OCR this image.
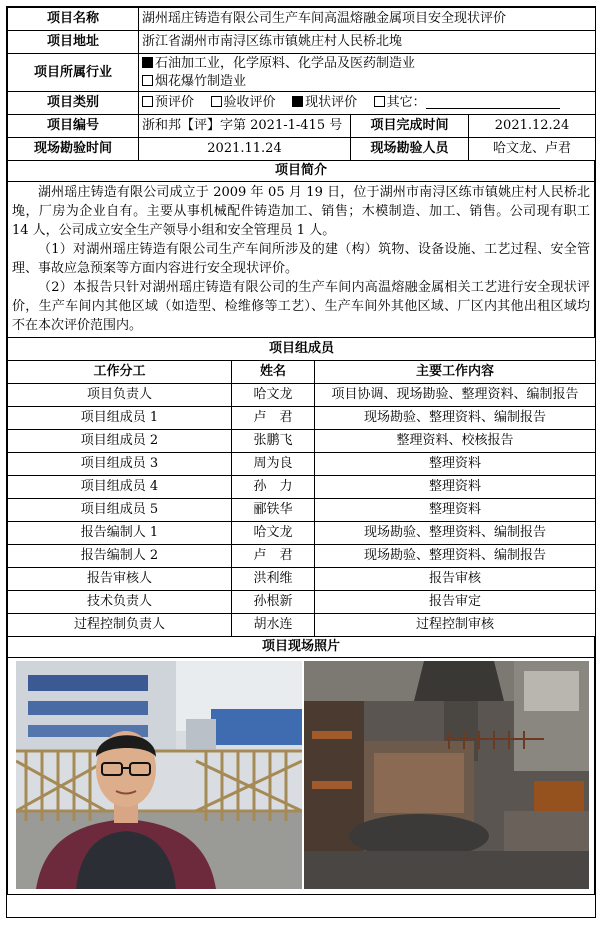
项目名称	湖州瑶庄铸造有限公司生产车间高温熔融金属项目安全现状评价		
项目地址	浙江省湖州市南浔区练市镇姚庄村人民桥北堍		
项目所属行业	石油加工业，化学原料、化学品及医药制造业
烟花爆竹制造业		

项目类别	预评价 验收评价 现状评价 其它：		
项目编号	浙和邦【评】字第 2021-1-415 号	项目完成时间	2021.12.24
现场勘验时间	2021.11.24	现场勘验人员	哈文龙、卢君
项目简介

湖州瑶庄铸造有限公司成立于 2009 年 05 月 19 日，位于湖州市南浔区练市镇姚庄村人民桥北堍，厂房为企业自有。主要从事机械配件铸造加工、销售；木模制造、加工、销售。公司现有职工 14 人，公司成立安全生产领导小组和安全管理员 1 人。

（1）对湖州瑶庄铸造有限公司生产车间所涉及的建（构）筑物、设备设施、工艺过程、安全管理、事故应急预案等方面内容进行安全现状评价。

（2）本报告只针对湖州瑶庄铸造有限公司的生产车间内高温熔融金属相关工艺进行安全现状评价，生产车间内其他区域（如造型、检维修等工艺）、生产车间外其他区域、厂区内其他出租区域均不在本次评价范围内。

项目组成员		
工作分工	姓名	主要工作内容
项目负责人	哈文龙	项目协调、现场勘验、整理资料、编制报告
项目组成员 1	卢　君	现场勘验、整理资料、编制报告
项目组成员 2	张鹏飞	整理资料、校核报告
项目组成员 3	周为良	整理资料
项目组成员 4	孙　力	整理资料
项目组成员 5	郦铁华	整理资料
报告编制人 1	哈文龙	现场勘验、整理资料、编制报告
报告编制人 2	卢　君	现场勘验、整理资料、编制报告
报告审核人	洪利维	报告审核
技术负责人	孙根新	报告审定
过程控制负责人	胡水连	过程控制审核
项目现场照片
